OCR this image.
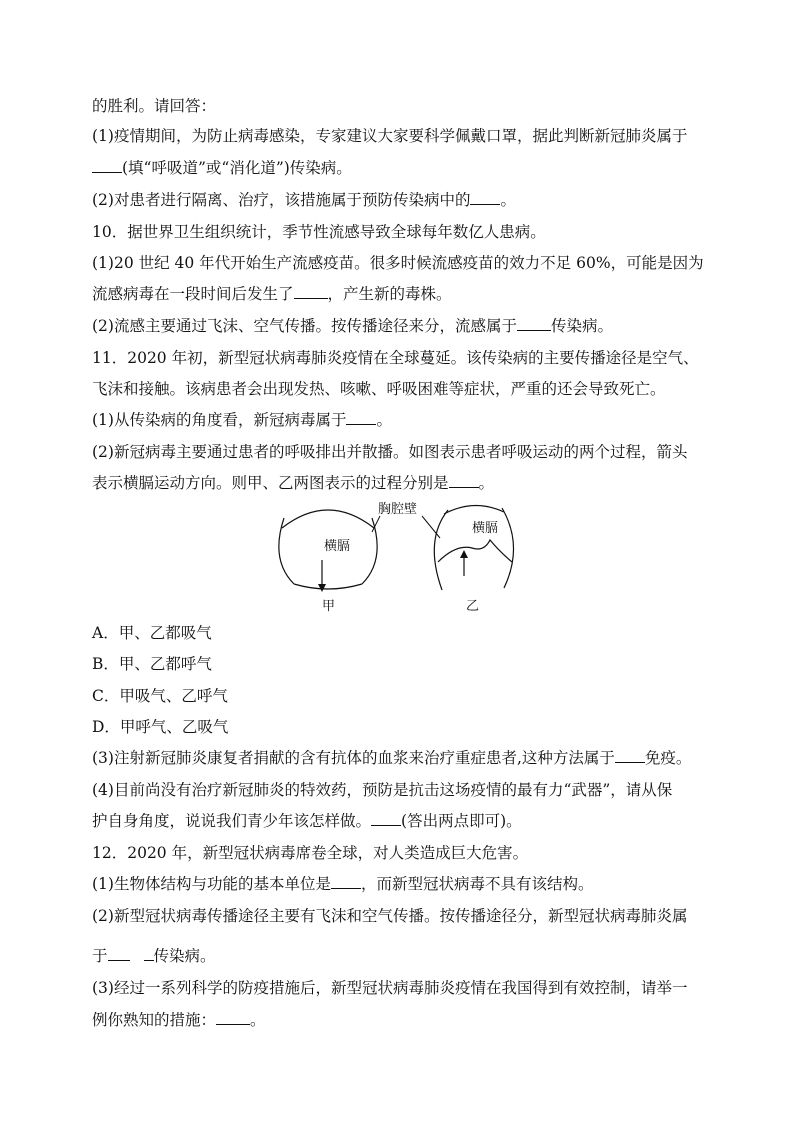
的胜利。请回答：
(1)疫情期间，为防止病毒感染，专家建议大家要科学佩戴口罩，据此判断新冠肺炎属于
(填“呼吸道”或“消化道”)传染病。
(2)对患者进行隔离、治疗，该措施属于预防传染病中的 。
10．据世界卫生组织统计，季节性流感导致全球每年数亿人患病。
(1)20 世纪 40 年代开始生产流感疫苗。很多时候流感疫苗的效力不足 60%，可能是因为
流感病毒在一段时间后发生了 ，产生新的毒株。
(2)流感主要通过飞沫、空气传播。按传播途径来分，流感属于 传染病。
11．2020 年初，新型冠状病毒肺炎疫情在全球蔓延。该传染病的主要传播途径是空气、
飞沫和接触。该病患者会出现发热、咳嗽、呼吸困难等症状，严重的还会导致死亡。
(1)从传染病的角度看，新冠病毒属于 。
(2)新冠病毒主要通过患者的呼吸排出并散播。如图表示患者呼吸运动的两个过程，箭头
表示横膈运动方向。则甲、乙两图表示的过程分别是 。
横膈
甲
胸腔壁
横膈
乙
A．甲、乙都吸气
B．甲、乙都呼气
C．甲吸气、乙呼气
D．甲呼气、乙吸气
(3)注射新冠肺炎康复者捐献的含有抗体的血浆来治疗重症患者,这种方法属于 免疫。
(4)目前尚没有治疗新冠肺炎的特效药，预防是抗击这场疫情的最有力“武器”，请从保
护自身角度，说说我们青少年该怎样做。 (答出两点即可)。
12．2020 年，新型冠状病毒席卷全球，对人类造成巨大危害。
(1)生物体结构与功能的基本单位是 ，而新型冠状病毒不具有该结构。
(2)新型冠状病毒传播途径主要有飞沫和空气传播。按传播途径分，新型冠状病毒肺炎属
于	传染病。
(3)经过一系列科学的防疫措施后，新型冠状病毒肺炎疫情在我国得到有效控制，请举一
例你熟知的措施： 。
